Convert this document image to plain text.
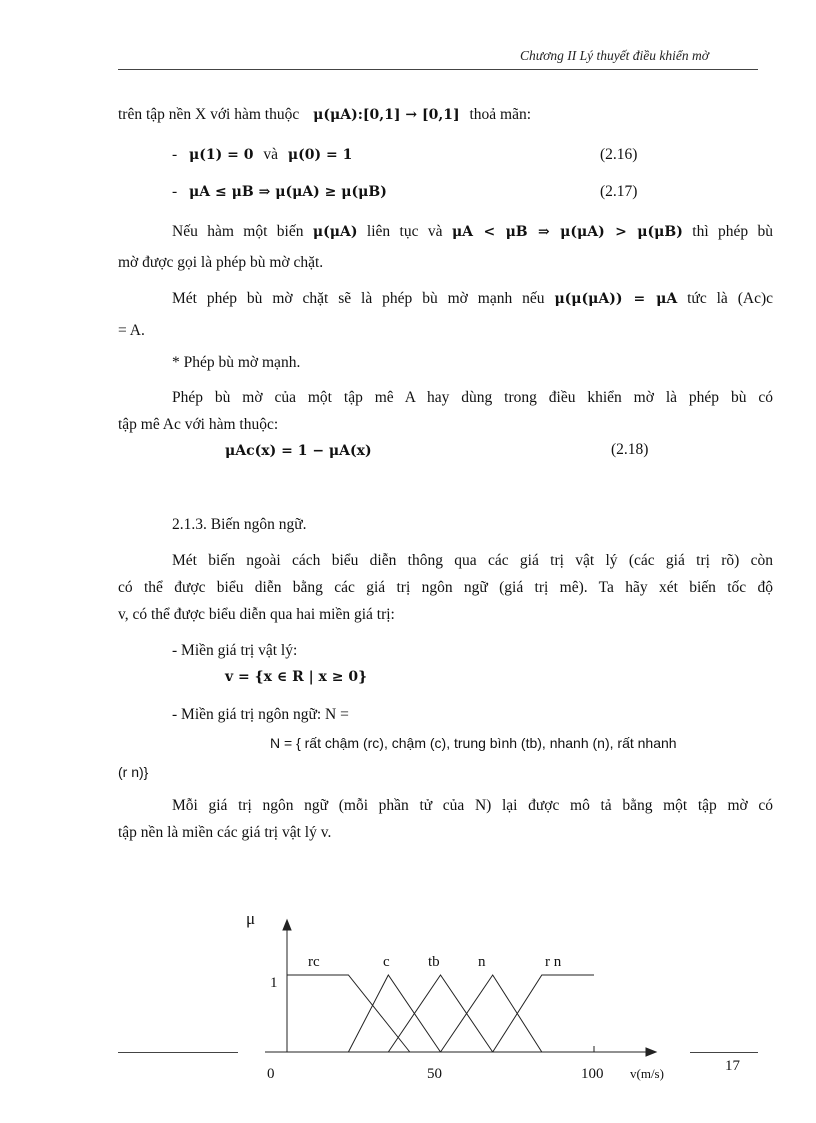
Chương II Lý thuyết điều khiển mờ
trên tập nền X với hàm thuộc μ(μA):[0,1] → [0,1] thoả mãn:
- μ(1) = 0 và μ(0) = 1	(2.16)
- μA ≤ μB ⇒ μ(μA) ≥ μ(μB)	(2.17)
Nếu hàm một biến μ(μA) liên tục và μA < μB ⇒ μ(μA) > μ(μB) thì phép bù
mờ được gọi là phép bù mờ chặt.
Mét phép bù mờ chặt sẽ là phép bù mờ mạnh nếu μ(μ(μA)) = μA tức là (Ac)c
= A.
* Phép bù mờ mạnh.
Phép bù mờ của một tập mê A hay dùng trong điều khiển mờ là phép bù có
tập mê Ac với hàm thuộc:
μAc(x) = 1 − μA(x)	(2.18)
2.1.3. Biến ngôn ngữ.
Mét biến ngoài cách biểu diễn thông qua các giá trị vật lý (các giá trị rõ) còn
có thể được biểu diễn bằng các giá trị ngôn ngữ (giá trị mê). Ta hãy xét biến tốc độ
v, có thể được biểu diễn qua hai miền giá trị:
- Miền giá trị vật lý:
v = {x ∈ R | x ≥ 0}
- Miền giá trị ngôn ngữ: N =
N = { rất chậm (rc), chậm (c), trung bình (tb), nhanh (n), rất nhanh
(r n)}
Mỗi giá trị ngôn ngữ (mỗi phần tử của N) lại được mô tả bằng một tập mờ có
tập nền là miền các giá trị vật lý v.
μ
1
v(m/s)
0	50	100
rc	c	tb	n	r n
17
